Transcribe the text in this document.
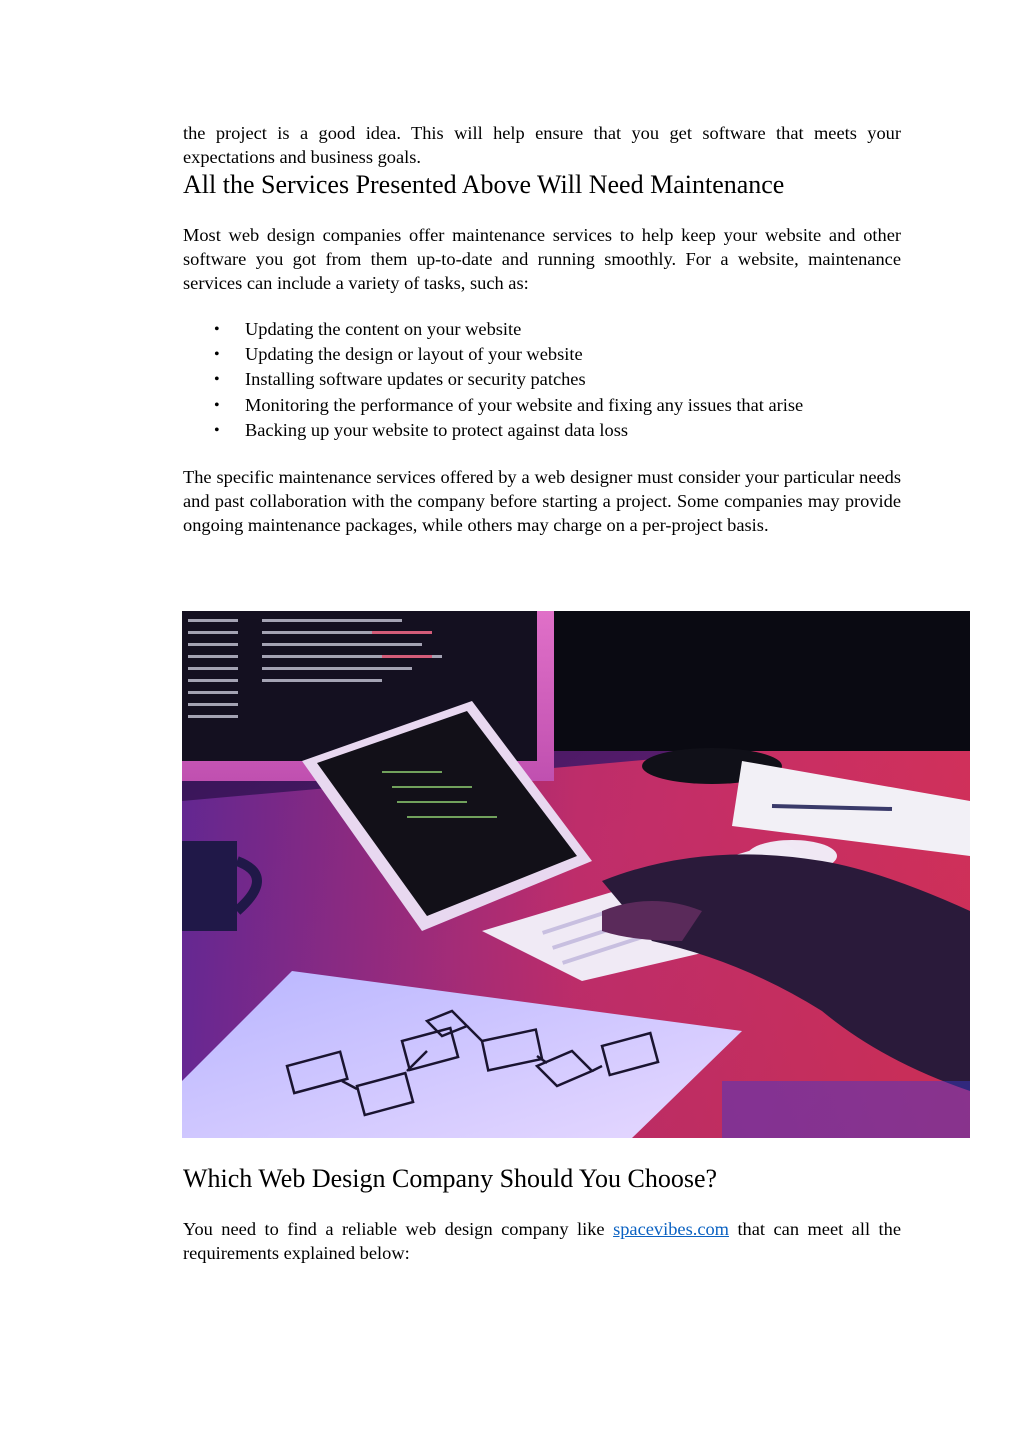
the project is a good idea. This will help ensure that you get software that meets your expectations and business goals.

All the Services Presented Above Will Need Maintenance

Most web design companies offer maintenance services to help keep your website and other software you got from them up-to-date and running smoothly. For a website, maintenance services can include a variety of tasks, such as:

• Updating the content on your website
• Updating the design or layout of your website
• Installing software updates or security patches
• Monitoring the performance of your website and fixing any issues that arise
• Backing up your website to protect against data loss

The specific maintenance services offered by a web designer must consider your particular needs and past collaboration with the company before starting a project. Some companies may provide ongoing maintenance packages, while others may charge on a per-project basis.

Which Web Design Company Should You Choose?

You need to find a reliable web design company like spacevibes.com that can meet all the requirements explained below:
